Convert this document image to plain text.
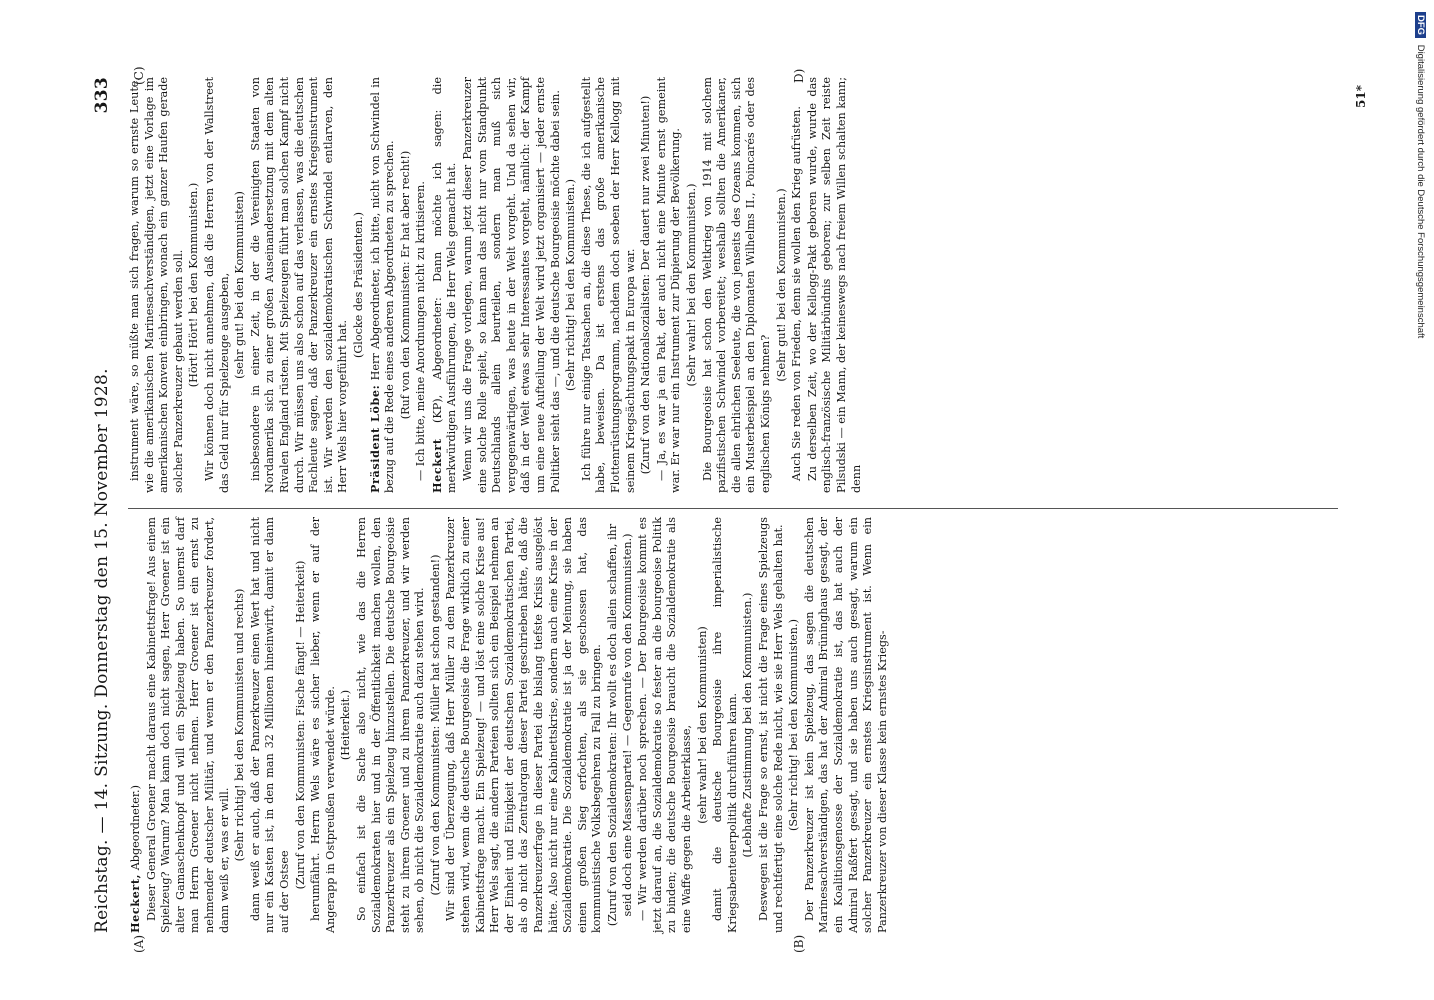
Reichstag. — 14. Sitzung. Donnerstag den 15. November 1928.
333

Heckert, Abgeordneter.) Dieser General Groener macht daraus eine Kabinettsfrage! Aus einem Spielzeug? Warum? Man kann doch nicht sagen, Herr Groener ist ein alter Gamaschenknopf und will ein Spielzeug haben. So unernst darf man Herrn Groener nicht nehmen. Herr Groener ist ein ernst zu nehmender deutscher Militär, und wenn er den Panzerkreuzer fordert, dann weiß er, was er will. (Sehr richtig! bei den Kommunisten und rechts) dann weiß er auch, daß der Panzerkreuzer einen Wert hat und nicht nur ein Kasten ist, in den man 32 Millionen hineinwirft, damit er dann auf der Ostsee

(Zuruf von den Kommunisten: Fische fängt! — Heiterkeit) herumfährt. Herrn Wels wäre es sicher lieber, wenn er auf der Angerapp in Ostpreußen verwendet würde. (Heiterkeit.) So einfach ist die Sache also nicht, wie das die Herren Sozialdemokraten hier und in der Öffentlichkeit machen wollen, den Panzerkreuzer als ein Spielzeug hinzustellen. Die deutsche Bourgeoisie steht zu ihrem Groener und zu ihrem Panzerkreuzer, und wir werden sehen, ob nicht die Sozialdemokratie auch dazu stehen wird. (Zuruf von den Kommunisten: Müller hat schon gestanden!) Wir sind der Überzeugung, daß Herr Müller zu dem Panzerkreuzer stehen wird, wenn die deutsche Bourgeoisie die Frage wirklich zu einer Kabinettsfrage macht. Ein Spielzeug! — und löst eine solche Krise aus! Herr Wels sagt, die andern Parteien sollten sich ein Beispiel nehmen an der Einheit und Einigkeit der deutschen Sozialdemokratischen Partei, als ob nicht das Zentralorgan dieser Partei geschrieben hätte, daß die Panzerkreuzerfrage in dieser Partei die bislang tiefste Krisis ausgelöst hätte. Also nicht nur eine Kabinettskrise, sondern auch eine Krise in der Sozialdemokratie. Die Sozialdemokratie ist ja der Meinung, sie haben einen großen Sieg erfochten, als sie geschossen hat, das kommunistische Volksbegehren zu Fall zu bringen. (Zuruf von den Sozialdemokraten: Ihr wollt es doch allein schaffen, ihr seid doch eine Massenpartei! — Gegenrufe von den Kommunisten.) — Wir werden darüber noch sprechen. — Der Bourgeoisie kommt es jetzt darauf an, die Sozialdemokratie so fester an die bourgeoise Politik zu binden; die deutsche Bourgeoisie braucht die Sozialdemokratie als eine Waffe gegen die Arbeiterklasse, (sehr wahr! bei den Kommunisten) damit die deutsche Bourgeoisie ihre imperialistische Kriegsabenteuerpolitik durchführen kann. (Lebhafte Zustimmung bei den Kommunisten.) Deswegen ist die Frage so ernst, ist nicht die Frage eines Spielzeugs und rechtfertigt eine solche Rede nicht, wie sie Herr Wels gehalten hat. (Sehr richtig! bei den Kommunisten.) Der Panzerkreuzer ist kein Spielzeug, das sagen die deutschen Marinesachverständigen, das hat der Admiral Brüninghaus gesagt, der ein Koalitionsgenosse der Sozialdemokratie ist, das hat auch der Admiral Raßfert gesagt, und sie haben uns auch gesagt, warum ein solcher Panzerkreuzer ein ernstes Kriegsinstrument ist. Wenn ein Panzerkreuzer von dieser Klasse kein ernstes Kriegs-

instrument wäre, so müßte man sich fragen, warum so ernste Leute, wie die amerikanischen Marinesachverständigen, jetzt eine Vorlage im amerikanischen Konvent einbringen, wonach ein ganzer Haufen gerade solcher Panzerkreuzer gebaut werden soll. (Hört! Hört! bei den Kommunisten.) Wir können doch nicht annehmen, daß die Herren von der Wallstreet das Geld nur für Spielzeuge ausgeben, (sehr gut! bei den Kommunisten) insbesondere in einer Zeit, in der die Vereinigten Staaten von Nordamerika sich zu einer großen Auseinandersetzung mit dem alten Rivalen England rüsten. Mit Spielzeugen führt man solchen Kampf nicht durch. Wir müssen uns also schon auf das verlassen, was die deutschen Fachleute sagen, daß der Panzerkreuzer ein ernstes Kriegsinstrument ist. Wir werden den sozialdemokratischen Schwindel entlarven, den Herr Wels hier vorgeführt hat.

(Glocke des Präsidenten.)

Präsident Löbe: Herr Abgeordneter, ich bitte, nicht von Schwindel in bezug auf die Rede eines anderen Abgeordneten zu sprechen. (Ruf von den Kommunisten: Er hat aber recht!) — Ich bitte, meine Anordnungen nicht zu kritisieren. Heckert (KP), Abgeordneter: Dann möchte ich sagen: die merkwürdigen Ausführungen, die Herr Wels gemacht hat. Wenn wir uns die Frage vorlegen, warum jetzt dieser Panzerkreuzer eine solche Rolle spielt, so kann man das nicht nur vom Standpunkt Deutschlands allein beurteilen, sondern man muß sich vergegenwärtigen, was heute in der Welt vorgeht. Und da sehen wir, daß in der Welt etwas sehr Interessantes vorgeht, nämlich: der Kampf um eine neue Aufteilung der Welt wird jetzt organisiert — jeder ernste Politiker sieht das —, und die deutsche Bourgeoisie möchte dabei sein. (Sehr richtig! bei den Kommunisten.) Ich führe nur einige Tatsachen an, die diese These, die ich aufgestellt habe, beweisen. Da ist erstens das große amerikanische Flottenrüstungsprogramm, nachdem doch soeben der Herr Kellogg mit seinem Kriegsächtungspakt in Europa war. (Zuruf von den Nationalsozialisten: Der dauert nur zwei Minuten!) — Ja, es war ja ein Pakt, der auch nicht eine Minute ernst gemeint war. Er war nur ein Instrument zur Düpierung der Bevölkerung. (Sehr wahr! bei den Kommunisten.) Die Bourgeoisie hat schon den Weltkrieg von 1914 mit solchem pazifistischen Schwindel vorbereitet; weshalb sollten die Amerikaner, die allen ehrlichen Seeleute, die von jenseits des Ozeans kommen, sich ein Musterbeispiel an den Diplomaten Wilhelms II., Poincarés oder des englischen Königs nehmen?

(Sehr gut! bei den Kommunisten.) Auch Sie reden von Frieden, denn sie wollen den Krieg aufrüsten. Zu derselben Zeit, wo der Kellogg-Pakt geboren wurde, wurde das englisch-französische Militärbündnis geboren; zur selben Zeit reiste Pilsudski — ein Mann, der keineswegs nach freiem Willen schalten kann; denn

(A)	(B)
(C)	D)
51*
DFG Digitalisierung gefördert durch die Deutsche Forschungsgemeinschaft
